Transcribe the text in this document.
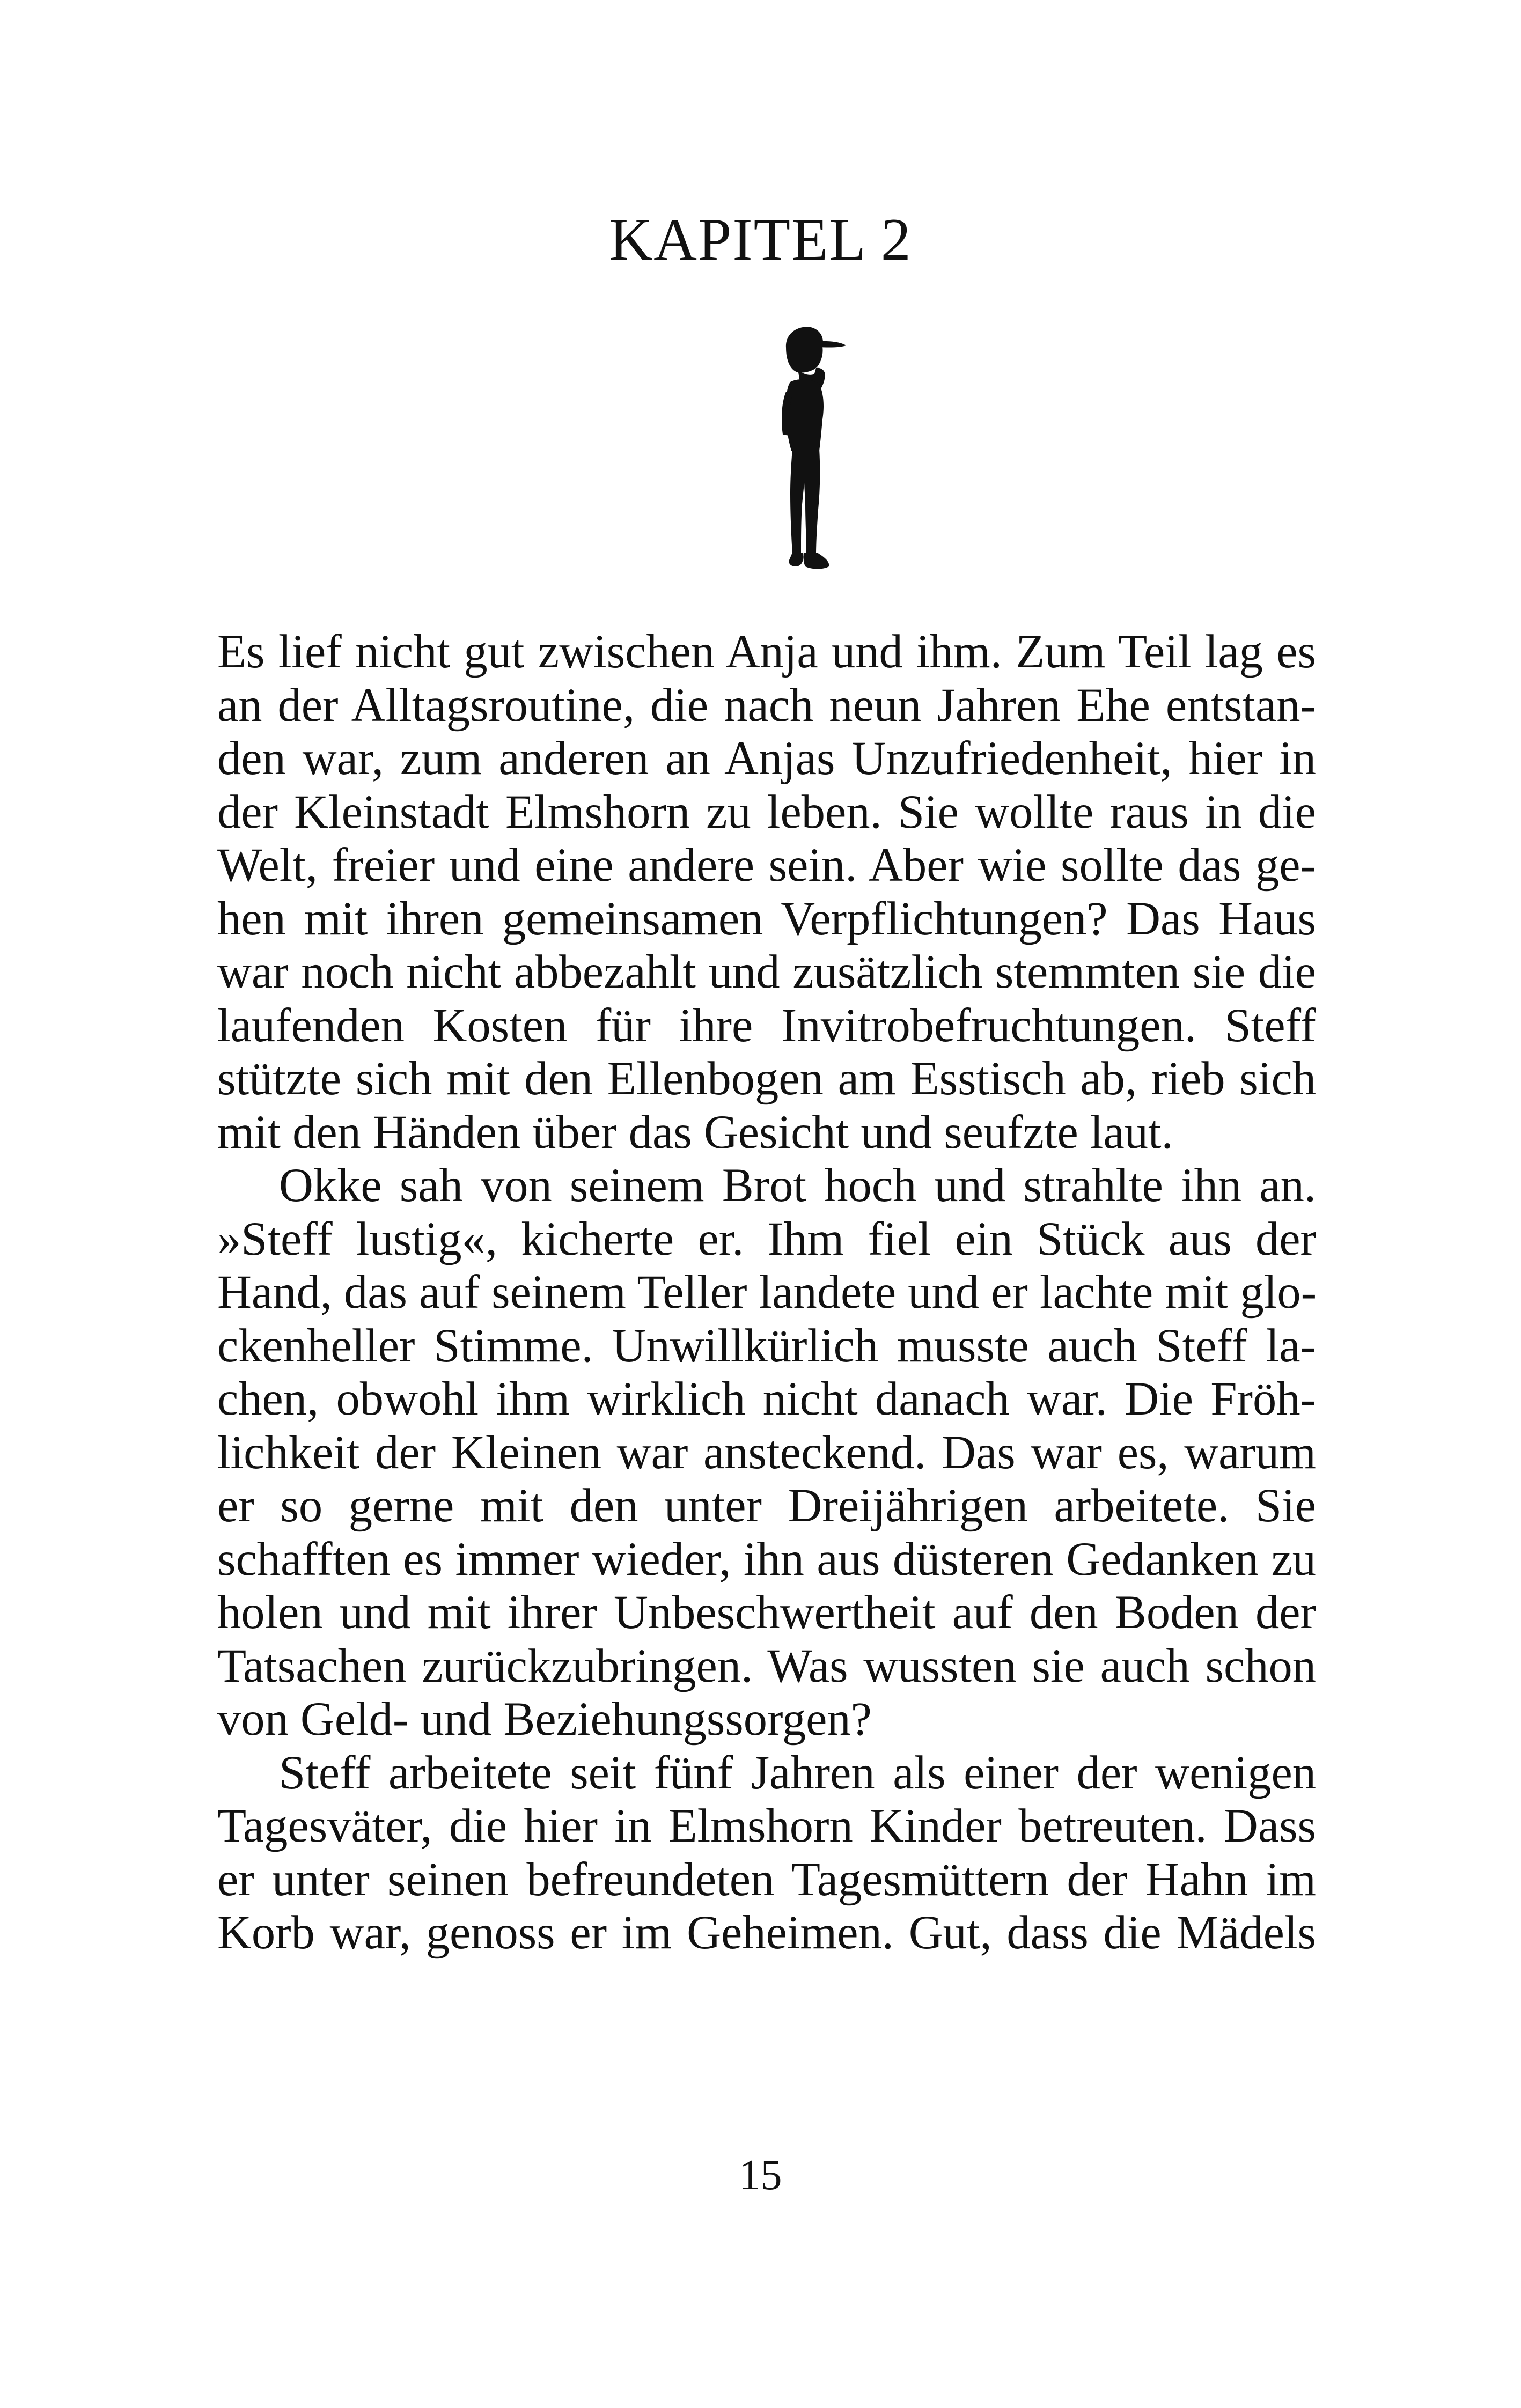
KAPITEL 2
Es lief nicht gut zwischen Anja und ihm. Zum Teil lag es
an der Alltagsroutine, die nach neun Jahren Ehe entstan-
den war, zum anderen an Anjas Unzufriedenheit, hier in
der Kleinstadt Elmshorn zu leben. Sie wollte raus in die
Welt, freier und eine andere sein. Aber wie sollte das ge-
hen mit ihren gemeinsamen Verpflichtungen? Das Haus
war noch nicht abbezahlt und zusätzlich stemmten sie die
laufenden Kosten für ihre Invitrobefruchtungen. Steff
stützte sich mit den Ellenbogen am Esstisch ab, rieb sich
mit den Händen über das Gesicht und seufzte laut.
Okke sah von seinem Brot hoch und strahlte ihn an.
»Steff lustig«, kicherte er. Ihm fiel ein Stück aus der
Hand, das auf seinem Teller landete und er lachte mit glo-
ckenheller Stimme. Unwillkürlich musste auch Steff la-
chen, obwohl ihm wirklich nicht danach war. Die Fröh-
lichkeit der Kleinen war ansteckend. Das war es, warum
er so gerne mit den unter Dreijährigen arbeitete. Sie
schafften es immer wieder, ihn aus düsteren Gedanken zu
holen und mit ihrer Unbeschwertheit auf den Boden der
Tatsachen zurückzubringen. Was wussten sie auch schon
von Geld- und Beziehungssorgen?
Steff arbeitete seit fünf Jahren als einer der wenigen
Tagesväter, die hier in Elmshorn Kinder betreuten. Dass
er unter seinen befreundeten Tagesmüttern der Hahn im
Korb war, genoss er im Geheimen. Gut, dass die Mädels
15
